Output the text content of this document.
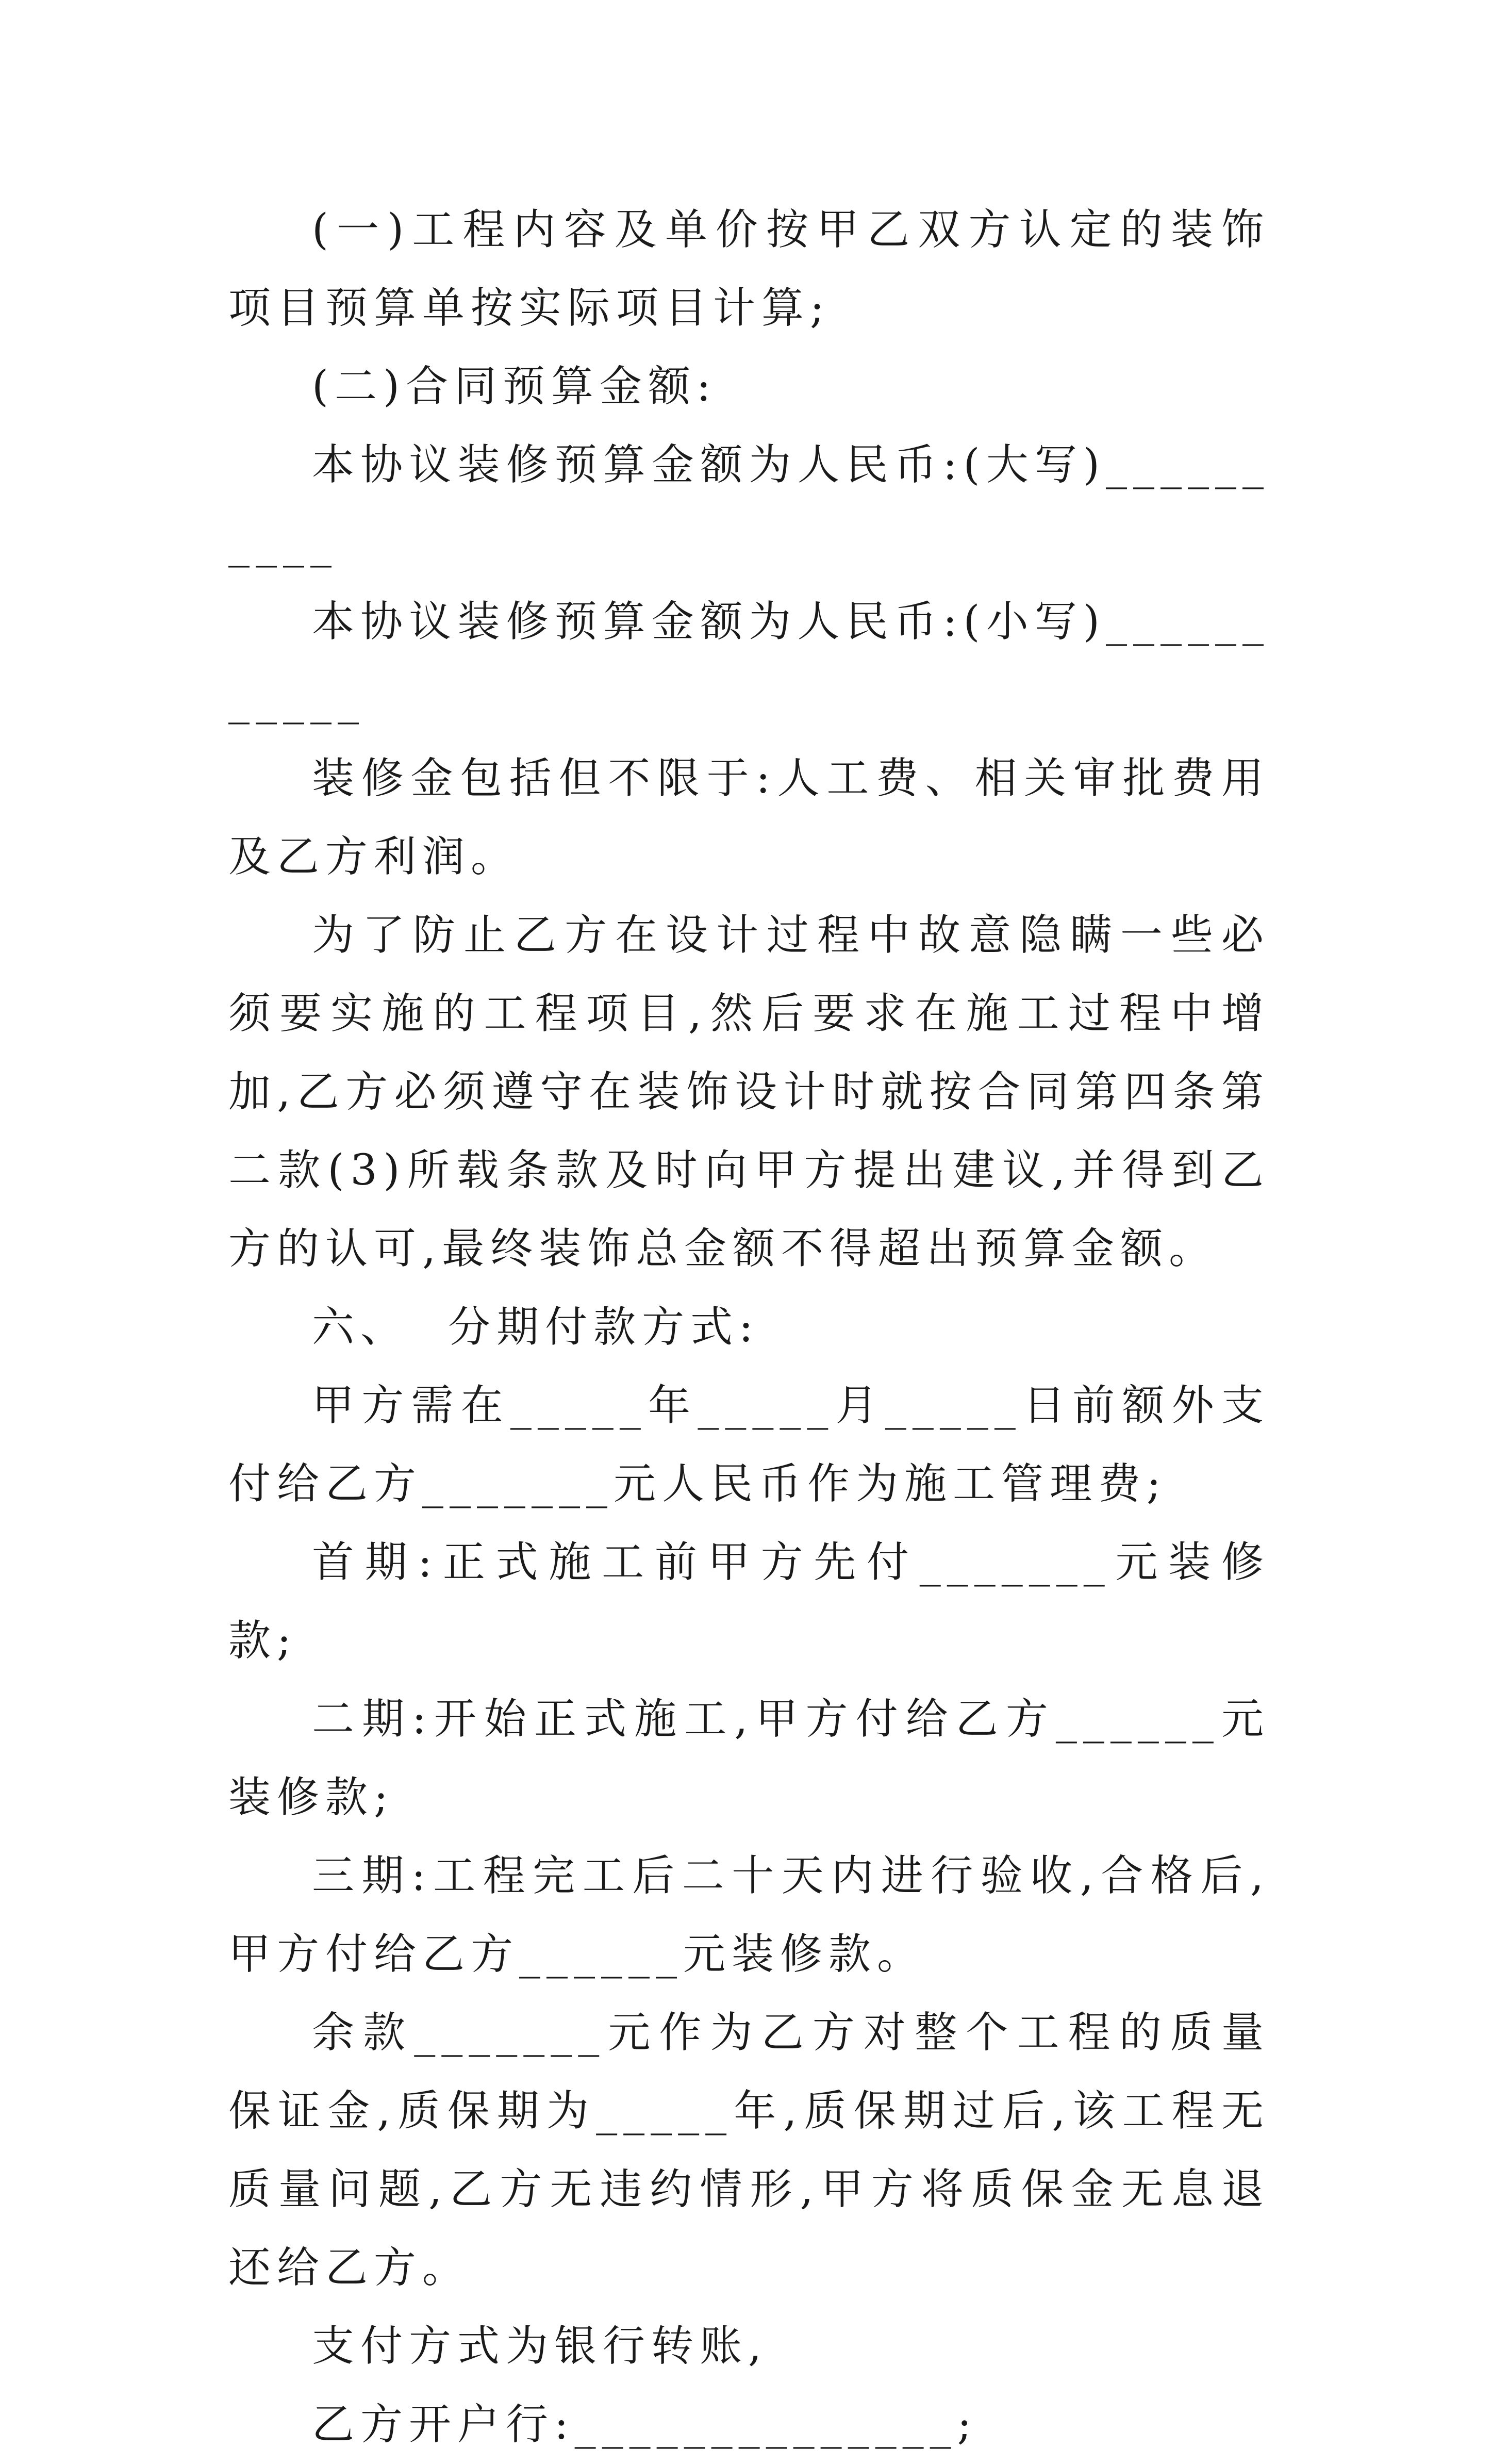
(一)工程内容及单价按甲乙双方认定的装饰项目预算单按实际项目计算;

(二)合同预算金额:

本协议装修预算金额为人民币:(大写)__________

本协议装修预算金额为人民币:(小写)___________

装修金包括但不限于:人工费、相关审批费用及乙方利润。

为了防止乙方在设计过程中故意隐瞒一些必须要实施的工程项目,然后要求在施工过程中增加,乙方必须遵守在装饰设计时就按合同第四条第二款(3)所载条款及时向甲方提出建议,并得到乙方的认可,最终装饰总金额不得超出预算金额。

六、  分期付款方式:

甲方需在_____年_____月_____日前额外支付给乙方_______元人民币作为施工管理费;

首期:正式施工前甲方先付_______元装修款;

二期:开始正式施工,甲方付给乙方______元装修款;

三期:工程完工后二十天内进行验收,合格后,甲方付给乙方______元装修款。

余款_______元作为乙方对整个工程的质量保证金,质保期为_____年,质保期过后,该工程无质量问题,乙方无违约情形,甲方将质保金无息退还给乙方。

支付方式为银行转账,

乙方开户行:______________;
